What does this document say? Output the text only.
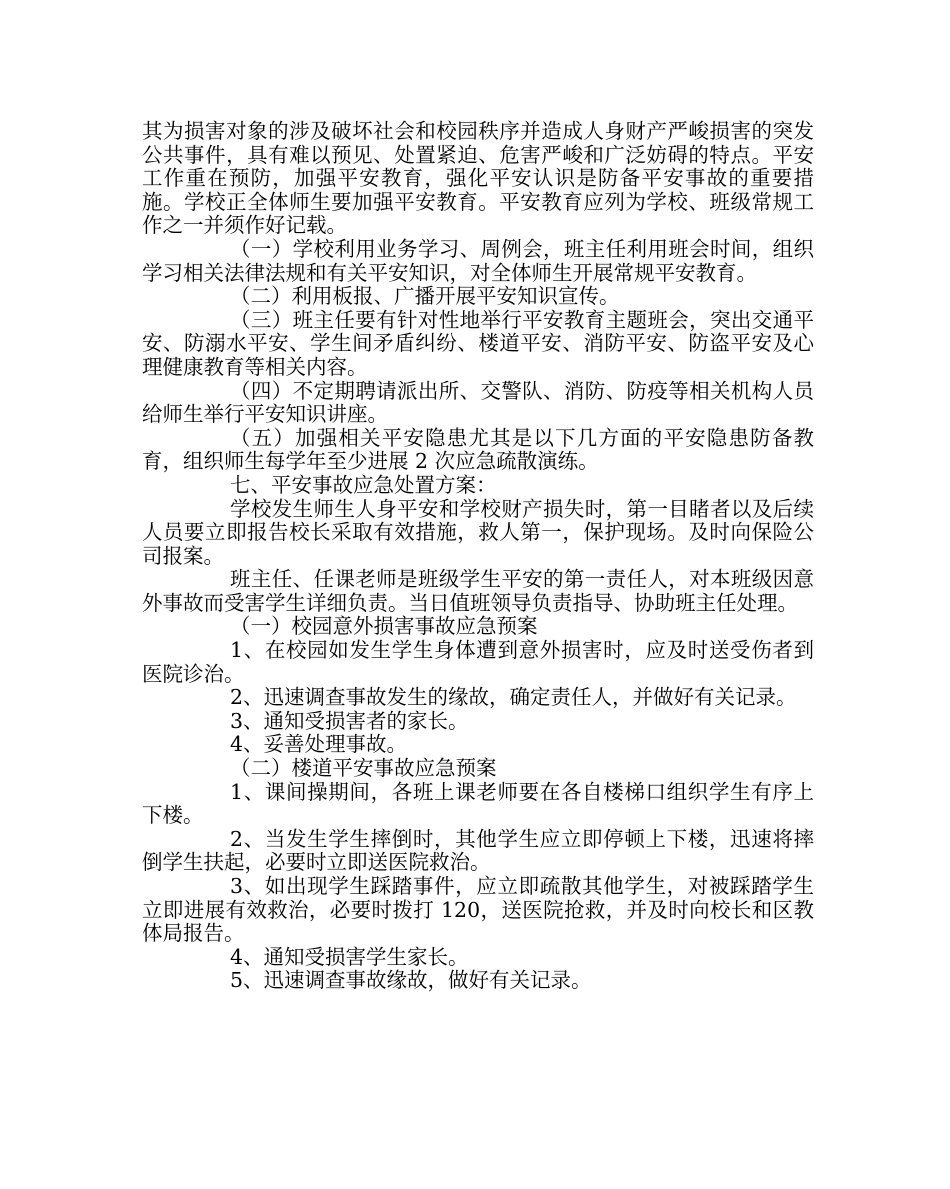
其为损害对象的涉及破坏社会和校园秩序并造成人身财产严峻损害的突发公共事件，具有难以预见、处置紧迫、危害严峻和广泛妨碍的特点。平安工作重在预防，加强平安教育，强化平安认识是防备平安事故的重要措施。学校正全体师生要加强平安教育。平安教育应列为学校、班级常规工作之一并须作好记载。

（一）学校利用业务学习、周例会，班主任利用班会时间，组织学习相关法律法规和有关平安知识，对全体师生开展常规平安教育。

（二）利用板报、广播开展平安知识宣传。

（三）班主任要有针对性地举行平安教育主题班会，突出交通平安、防溺水平安、学生间矛盾纠纷、楼道平安、消防平安、防盗平安及心理健康教育等相关内容。

（四）不定期聘请派出所、交警队、消防、防疫等相关机构人员给师生举行平安知识讲座。

（五）加强相关平安隐患尤其是以下几方面的平安隐患防备教育，组织师生每学年至少进展 2 次应急疏散演练。

七、平安事故应急处置方案：

学校发生师生人身平安和学校财产损失时，第一目睹者以及后续人员要立即报告校长采取有效措施，救人第一，保护现场。及时向保险公司报案。

班主任、任课老师是班级学生平安的第一责任人，对本班级因意外事故而受害学生详细负责。当日值班领导负责指导、协助班主任处理。

（一）校园意外损害事故应急预案

1、在校园如发生学生身体遭到意外损害时，应及时送受伤者到医院诊治。

2、迅速调查事故发生的缘故，确定责任人，并做好有关记录。

3、通知受损害者的家长。

4、妥善处理事故。

（二）楼道平安事故应急预案

1、课间操期间，各班上课老师要在各自楼梯口组织学生有序上下楼。

2、当发生学生摔倒时，其他学生应立即停顿上下楼，迅速将摔倒学生扶起，必要时立即送医院救治。

3、如出现学生踩踏事件，应立即疏散其他学生，对被踩踏学生立即进展有效救治，必要时拨打 120，送医院抢救，并及时向校长和区教体局报告。

4、通知受损害学生家长。

5、迅速调查事故缘故，做好有关记录。
